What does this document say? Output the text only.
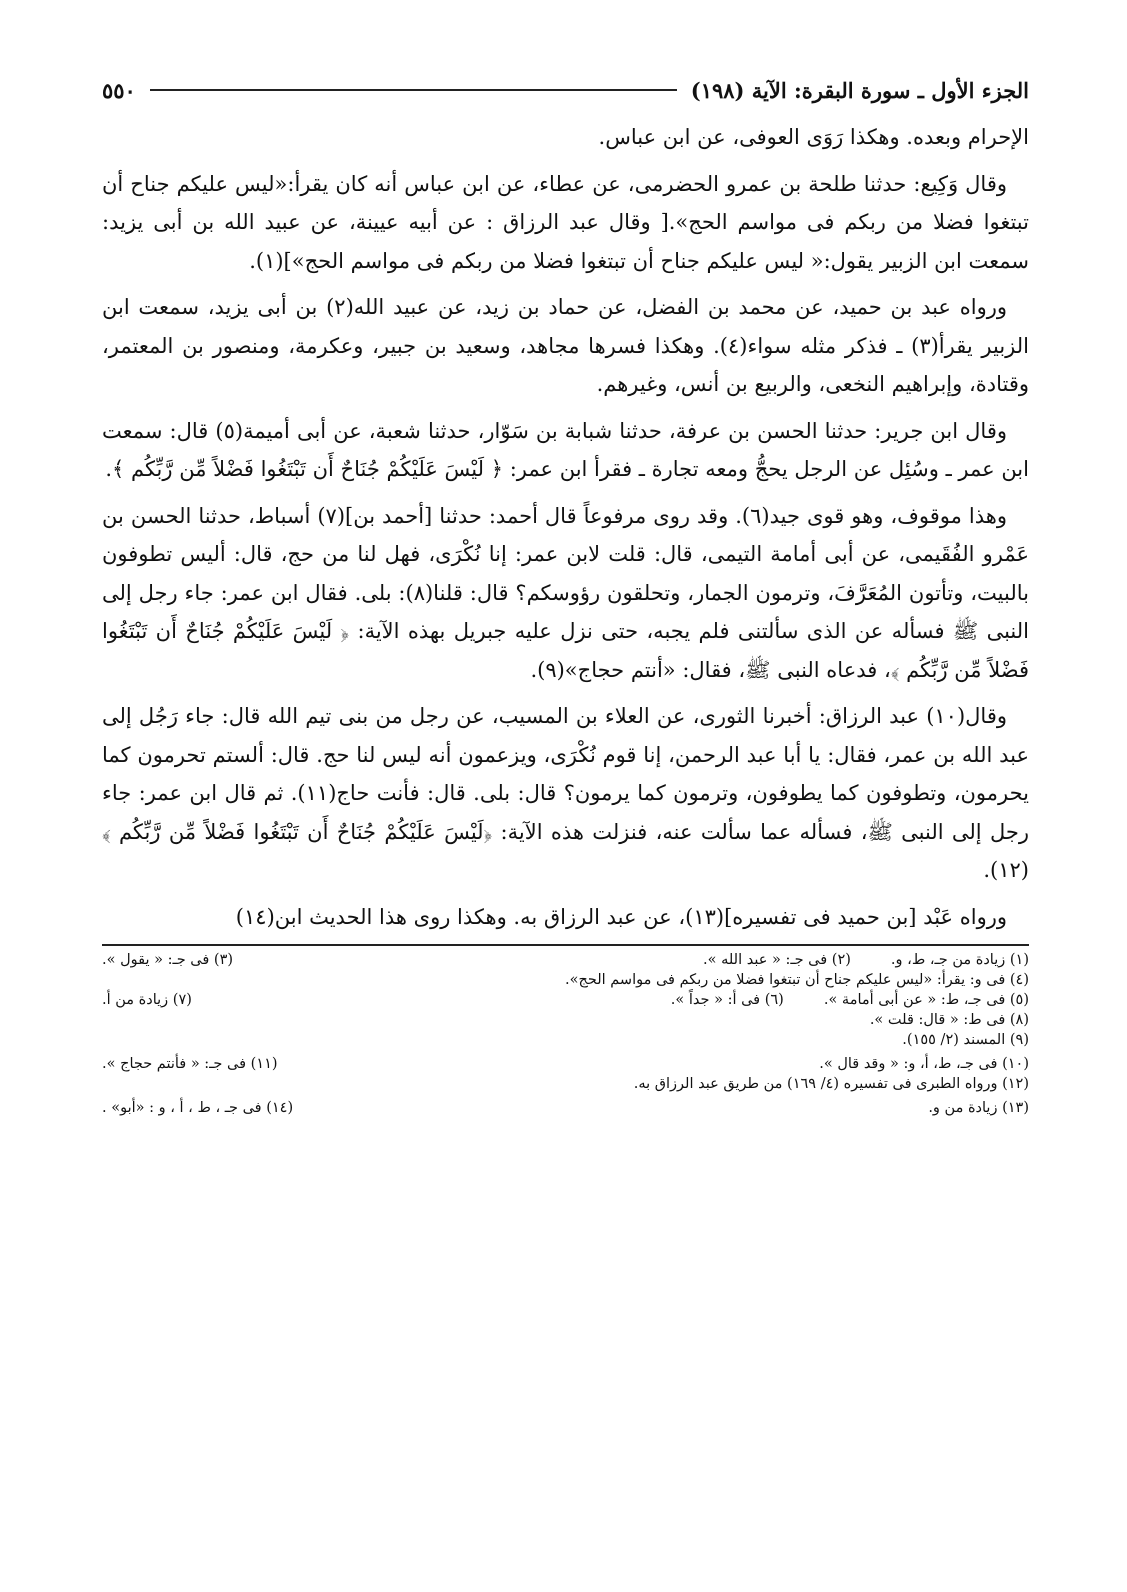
الجزء الأول ـ سورة البقرة: الآية (١٩٨)
٥٥٠

الإحرام وبعده. وهكذا رَوَى العوفى، عن ابن عباس.

وقال وَكِيع: حدثنا طلحة بن عمرو الحضرمى، عن عطاء، عن ابن عباس أنه كان يقرأ:«ليس عليكم جناح أن تبتغوا فضلا من ربكم فى مواسم الحج».[ وقال عبد الرزاق : عن أبيه عيينة، عن عبيد الله بن أبى يزيد: سمعت ابن الزبير يقول:« ليس عليكم جناح أن تبتغوا فضلا من ربكم فى مواسم الحج»](١).

ورواه عبد بن حميد، عن محمد بن الفضل، عن حماد بن زيد، عن عبيد الله(٢) بن أبى يزيد، سمعت ابن الزبير يقرأ(٣) ـ فذكر مثله سواء(٤). وهكذا فسرها مجاهد، وسعيد بن جبير، وعكرمة، ومنصور بن المعتمر، وقتادة، وإبراهيم النخعى، والربيع بن أنس، وغيرهم.

وقال ابن جرير: حدثنا الحسن بن عرفة، حدثنا شبابة بن سَوّار، حدثنا شعبة، عن أبى أميمة(٥) قال: سمعت ابن عمر ـ وسُئِل عن الرجل يحجُّ ومعه تجارة ـ فقرأ ابن عمر: ﴿ لَيْسَ عَلَيْكُمْ جُنَاحٌ أَن تَبْتَغُوا فَضْلاً مِّن رَّبِّكُم ﴾.

وهذا موقوف، وهو قوى جيد(٦). وقد روى مرفوعاً قال أحمد: حدثنا [أحمد بن](٧) أسباط، حدثنا الحسن بن عَمْرو الفُقَيمى، عن أبى أمامة التيمى، قال: قلت لابن عمر: إنا نُكْرَى، فهل لنا من حج، قال: أليس تطوفون بالبيت، وتأتون المُعَرَّفَ، وترمون الجمار، وتحلقون رؤوسكم؟ قال: قلنا(٨): بلى. فقال ابن عمر: جاء رجل إلى النبى ﷺ فسأله عن الذى سألتنى فلم يجبه، حتى نزل عليه جبريل بهذه الآية: ﴿ لَيْسَ عَلَيْكُمْ جُنَاحٌ أَن تَبْتَغُوا فَضْلاً مِّن رَّبِّكُم ﴾، فدعاه النبى ﷺ، فقال: «أنتم حجاج»(٩).

وقال(١٠) عبد الرزاق: أخبرنا الثورى، عن العلاء بن المسيب، عن رجل من بنى تيم الله قال: جاء رَجُل إلى عبد الله بن عمر، فقال: يا أبا عبد الرحمن، إنا قوم نُكْرَى، ويزعمون أنه ليس لنا حج. قال: ألستم تحرمون كما يحرمون، وتطوفون كما يطوفون، وترمون كما يرمون؟ قال: بلى. قال: فأنت حاج(١١). ثم قال ابن عمر: جاء رجل إلى النبى ﷺ، فسأله عما سألت عنه، فنزلت هذه الآية: ﴿لَيْسَ عَلَيْكُمْ جُنَاحٌ أَن تَبْتَغُوا فَضْلاً مِّن رَّبِّكُم ﴾(١٢).

ورواه عَبْد [بن حميد فى تفسيره](١٣)، عن عبد الرزاق به. وهكذا روى هذا الحديث ابن(١٤)

(١) زيادة من جـ، ط، و.
(٢) فى جـ: « عبد الله ».
(٣) فى جـ: « يقول ».
(٤) فى و: يقرأ: «ليس عليكم جناح أن تبتغوا فضلا من ربكم فى مواسم الحج».
(٥) فى جـ، ط: « عن أبى أمامة ».
(٦) فى أ: « جداً ».
(٧) زيادة من أ.
(٨) فى ط: « قال: قلت ».
(٩) المسند (٢/ ١٥٥).
(١٠) فى جـ، ط، أ، و: « وقد قال ».
(١١) فى جـ: « فأنتم حجاج ».
(١٢) ورواه الطبرى فى تفسيره (٤/ ١٦٩) من طريق عبد الرزاق به.
(١٣) زيادة من و.
(١٤) فى جـ ، ط ، أ ، و : «أبو» .
